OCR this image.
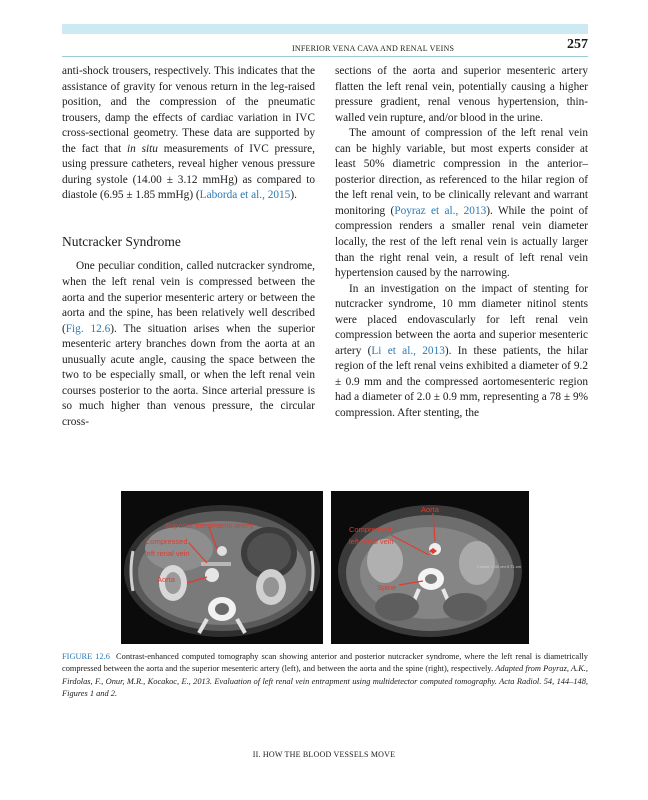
INFERIOR VENA CAVA AND RENAL VEINS	257

anti-shock trousers, respectively. This indicates that the assistance of gravity for venous return in the leg-raised position, and the compression of the pneumatic trousers, damp the effects of cardiac variation in IVC cross-sectional geometry. These data are supported by the fact that in situ measurements of IVC pressure, using pressure catheters, reveal higher venous pressure during systole (14.00 ± 3.12 mmHg) as compared to diastole (6.95 ± 1.85 mmHg) (Laborda et al., 2015).

Nutcracker Syndrome

One peculiar condition, called nutcracker syndrome, when the left renal vein is compressed between the aorta and the superior mesenteric artery or between the aorta and the spine, has been relatively well described (Fig. 12.6). The situation arises when the superior mesenteric artery branches down from the aorta at an unusually acute angle, causing the space between the two to be especially small, or when the left renal vein courses posterior to the aorta. Since arterial pressure is so much higher than venous pressure, the circular cross-

sections of the aorta and superior mesenteric artery flatten the left renal vein, potentially causing a higher pressure gradient, renal venous hypertension, thin-walled vein rupture, and/or blood in the urine.

The amount of compression of the left renal vein can be highly variable, but most experts consider at least 50% diametric compression in the anterior–posterior direction, as referenced to the hilar region of the left renal vein, to be clinically relevant and warrant monitoring (Poyraz et al., 2013). While the point of compression renders a smaller renal vein diameter locally, the rest of the left renal vein is actually larger than the right renal vein, a result of left renal vein hypertension caused by the narrowing.

In an investigation on the impact of stenting for nutcracker syndrome, 10 mm diameter nitinol stents were placed endovascularly for left renal vein compression between the aorta and superior mesenteric artery (Li et al., 2013). In these patients, the hilar region of the left renal veins exhibited a diameter of 9.2 ± 0.9 mm and the compressed aortomesenteric region had a diameter of 2.0 ± 0.9 mm, representing a 78 ± 9% compression. After stenting, the

Superior mesenteric artery
Compressed
left renal vein
Aorta
Aorta
Compressed
left renal vein
Spine
Lesion: 0.00 cm 0.71 cm
FIGURE 12.6 Contrast-enhanced computed tomography scan showing anterior and posterior nutcracker syndrome, where the left renal is diametrically compressed between the aorta and the superior mesenteric artery (left), and between the aorta and the spine (right), respectively. Adapted from Poyraz, A.K., Firdolas, F., Onur, M.R., Kocakoc, E., 2013. Evaluation of left renal vein entrapment using multidetector computed tomography. Acta Radiol. 54, 144–148, Figures 1 and 2.
II. HOW THE BLOOD VESSELS MOVE
